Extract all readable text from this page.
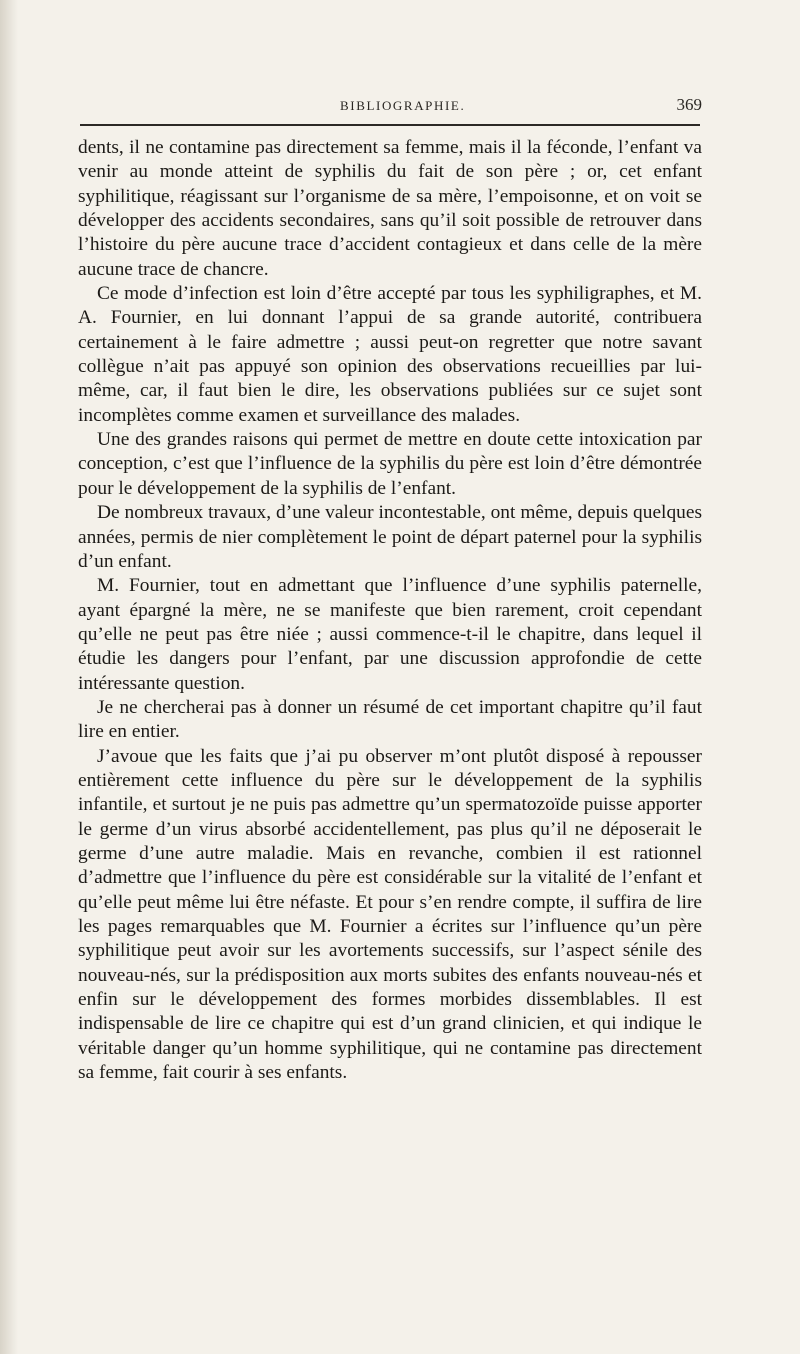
BIBLIOGRAPHIE.	369

dents, il ne contamine pas directement sa femme, mais il la féconde, l’enfant va venir au monde atteint de syphilis du fait de son père ; or, cet enfant syphilitique, réagissant sur l’organisme de sa mère, l’empoisonne, et on voit se développer des accidents secondaires, sans qu’il soit possible de retrouver dans l’histoire du père aucune trace d’accident contagieux et dans celle de la mère aucune trace de chancre.

Ce mode d’infection est loin d’être accepté par tous les syphiligraphes, et M. A. Fournier, en lui donnant l’appui de sa grande autorité, contribuera certainement à le faire admettre ; aussi peut-on regretter que notre savant collègue n’ait pas appuyé son opinion des observations recueillies par lui-même, car, il faut bien le dire, les observations publiées sur ce sujet sont incomplètes comme examen et surveillance des malades.

Une des grandes raisons qui permet de mettre en doute cette intoxication par conception, c’est que l’influence de la syphilis du père est loin d’être démontrée pour le développement de la syphilis de l’enfant.

De nombreux travaux, d’une valeur incontestable, ont même, depuis quelques années, permis de nier complètement le point de départ paternel pour la syphilis d’un enfant.

M. Fournier, tout en admettant que l’influence d’une syphilis paternelle, ayant épargné la mère, ne se manifeste que bien rarement, croit cependant qu’elle ne peut pas être niée ; aussi commence-t-il le chapitre, dans lequel il étudie les dangers pour l’enfant, par une discussion approfondie de cette intéressante question.

Je ne chercherai pas à donner un résumé de cet important chapitre qu’il faut lire en entier.

J’avoue que les faits que j’ai pu observer m’ont plutôt disposé à repousser entièrement cette influence du père sur le développement de la syphilis infantile, et surtout je ne puis pas admettre qu’un spermatozoïde puisse apporter le germe d’un virus absorbé accidentellement, pas plus qu’il ne déposerait le germe d’une autre maladie. Mais en revanche, combien il est rationnel d’admettre que l’influence du père est considérable sur la vitalité de l’enfant et qu’elle peut même lui être néfaste. Et pour s’en rendre compte, il suffira de lire les pages remarquables que M. Fournier a écrites sur l’influence qu’un père syphilitique peut avoir sur les avortements successifs, sur l’aspect sénile des nouveau-nés, sur la prédisposition aux morts subites des enfants nouveau-nés et enfin sur le développement des formes morbides dissemblables. Il est indispensable de lire ce chapitre qui est d’un grand clinicien, et qui indique le véritable danger qu’un homme syphilitique, qui ne contamine pas directement sa femme, fait courir à ses enfants.
